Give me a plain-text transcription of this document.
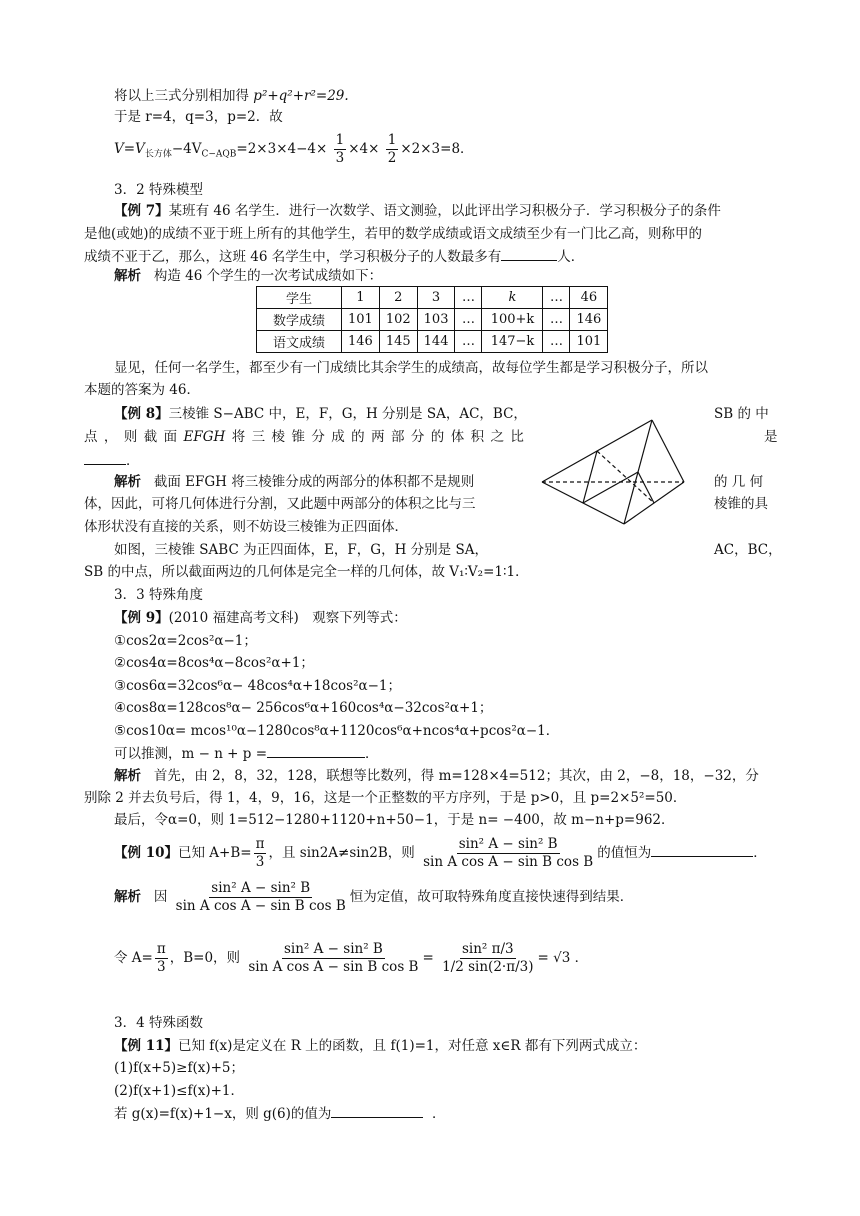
将以上三式分别相加得 p²+q²+r²=29.
于是 r=4，q=3，p=2．故
$V=V_{长方体}-4V_{C-AQB}=2\times 3\times 4-4\times \frac{1}{3} \times 4\times \frac{1}{2} \times 2\times 3=8$．
3．2 特殊模型
【例 7】某班有 46 名学生．进行一次数学、语文测验，以此评出学习积极分子．学习积极分子的条件
是他(或她)的成绩不亚于班上所有的其他学生，若甲的数学成绩或语文成绩至少有一门比乙高，则称甲的
成绩不亚于乙，那么，这班 46 名学生中，学习积极分子的人数最多有	人．
解析 构造 46 个学生的一次考试成绩如下：
学生	1	2	3	…	k	…	46
数学成绩	101	102	103	…	100+k	…	146
语文成绩	146	145	144	…	147−k	…	101
显见，任何一名学生，都至少有一门成绩比其余学生的成绩高，故每位学生都是学习积极分子，所以
本题的答案为 46．
【例 8】三棱锥 S−ABC 中，E，F，G，H 分别是 SA，AC，BC，	SB 的 中
点 ， 则 截 面 EFGH 将 三 棱 锥 分 成 的 两 部 分 的 体 积 之 比	是
．
解析 截面 EFGH 将三棱锥分成的两部分的体积都不是规则	的 几 何
体，因此，可将几何体进行分割，又此题中两部分的体积之比与三	棱锥的具
体形状没有直接的关系，则不妨设三棱锥为正四面体．
如图，三棱锥 SABC 为正四面体，E，F，G，H 分别是 SA，	AC，BC，
SB 的中点，所以截面两边的几何体是完全一样的几何体，故 V₁∶V₂=1∶1．
3．3 特殊角度
【例 9】(2010 福建高考文科)　观察下列等式：
①cos2α=2cos²α−1；
②cos4α=8cos⁴α−8cos²α+1；
③cos6α=32cos⁶α− 48cos⁴α+18cos²α−1；
④cos8α=128cos⁸α− 256cos⁶α+160cos⁴α−32cos²α+1；
⑤cos10α= mcos¹⁰α−1280cos⁸α+1120cos⁶α+ncos⁴α+pcos²α−1．
可以推测，m − n + p =	．
解析 首先，由 2，8，32，128，联想等比数列，得 m=128×4=512；其次，由 2，−8，18，−32，分
别除 2 并去负号后，得 1，4，9，16，这是一个正整数的平方序列，于是 p>0，且 p=2×5²=50．
最后，令α=0，则 1=512−1280+1120+n+50−1，于是 n= −400，故 m−n+p=962．
【例 10】已知 $A+B= \frac{\pi}{3}$ ，且 sin2A≠sin2B，则 $\frac{\text{sin² A − sin² B}}{\text{sin A cos A − sin B cos B}}$ 的值恒为	．
解析 因 $\frac{\text{sin² A − sin² B}}{\text{sin A cos A − sin B cos B}}$ 恒为定值，故可取特殊角度直接快速得到结果．
令 $A= \frac{\pi}{3}$ ，B=0，则 $\frac{\text{sin² A − sin² B}}{\text{sin A cos A − sin B cos B}} = \frac{\text{sin² π/3}}{1/2 \sin(2\cdot\pi/3)} = √3$ ．
3．4 特殊函数
【例 11】已知 f(x)是定义在 R 上的函数，且 f(1)=1，对任意 x∈R 都有下列两式成立：
(1)f(x+5)≥f(x)+5；
(2)f(x+1)≤f(x)+1．
若 g(x)=f(x)+1−x，则 g(6)的值为	．
